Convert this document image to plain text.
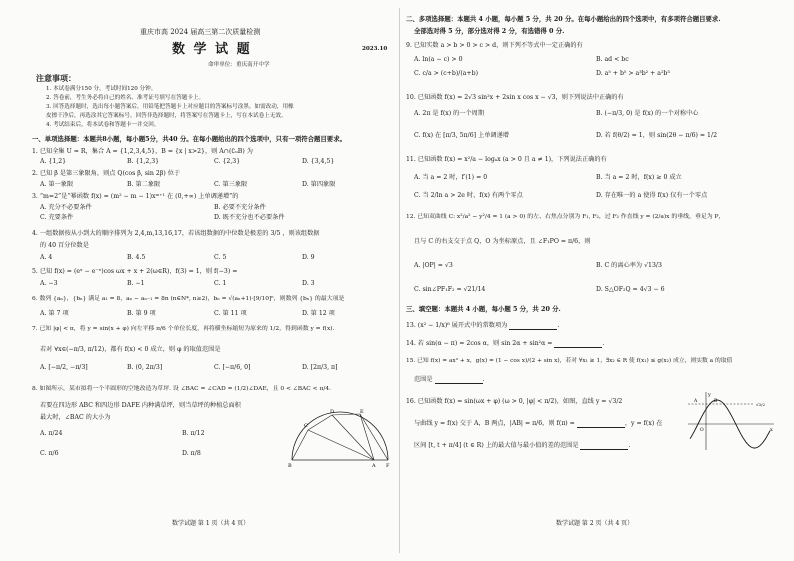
重庆市高 2024 届高三第二次质量检测
数 学 试 题	2023.10
命审单位：重庆南开中学
注意事项：
1. 本试卷满分150 分，考试时间120 分钟。
2. 答卷前，考生务必将自己的姓名、准考证号填写在答题卡上。
3. 回答选择题时，选出每小题答案后，用铅笔把答题卡上对应题目的答案标号涂黑。如需改动，用橡
皮擦干净后，再选涂其它答案标号。回答非选择题时，将答案写在答题卡上，写在本试卷上无效。
4. 考试结束后，将本试卷和答题卡一并交回。
一、单项选择题：本题共8小题，每小题5分，共40 分。在每小题给出的四个选项中，只有一项符合题目要求。
1. 已知全集 U = R，集合 A = {1,2,3,4,5}，B = {x | x>2}，则 A∩(∁ᵤB) 为
A. {1,2}	B. {1,2,3}	C. {2,3}	D. {3,4,5}
2. 已知 β 是第三象限角，则点 Q(cos β, sin 2β) 位于
A. 第一象限	B. 第二象限	C. 第三象限	D. 第四象限
3. “m=2”是“幂函数 f(x) = (m² − m − 1)xᵐ⁺¹ 在 (0,+∞) 上单调递增”的
A. 充分不必要条件	B. 必要不充分条件
C. 充要条件	D. 既不充分也不必要条件
4. 一组数据按从小到大的顺序排列为 2,4,m,13,16,17，若该组数据的中位数是极差的 3/5 ，则该组数据
的 40 百分位数是
A. 4	B. 4.5	C. 5	D. 9
5. 已知 f(x) = (eˣ − e⁻ˣ)cos ωx + x + 2(ω∈R)，f(3) = 1，则 f(−3) =
A. −3	B. −1	C. 1	D. 3
6. 数列 {aₙ}，{bₙ} 满足 a₁ = 8，aₙ − aₙ₋₁ = 8n (n∈N*, n≥2)，bₙ = √(aₙ+1)·[9/10]ⁿ，则数列 {bₙ} 的最大项是
A. 第 7 项	B. 第 9 项	C. 第 11 项	D. 第 12 项
7. 已知 |φ| < π，将 y = sin(x + φ) 向左平移 π/6 个单位长度，再将横坐标缩短为原来的 1/2，得到函数 y = f(x).
若对 ∀x∈(−π/3, π/12)，都有 f(x) < 0 成立，则 φ 的取值范围是
A. [−π/2, −π/3]	B. (0, 2π/3]	C. [−π/6, 0]	D. [2π/3, π]
8. 如图所示，某市拟将一个半圆形的空地改造为草坪. 设 ∠BAC = ∠CAD = (1/2)∠DAE，且 0 < ∠BAC < π/4.
若要在四边形 ABC 和四边形 DAFE 内种满草坪，则当草坪的种植总面积
最大时，∠BAC 的大小为
A. π/24	B. π/12
C. π/6	D. π/8
C
D
B
E
F
A
数学试题 第 1 页（共 4 页）
二、多项选择题：本题共 4 小题，每小题 5 分，共 20 分。在每小题给出的四个选项中，有多项符合题目要求.
全部选对得 5 分，部分选对得 2 分，有选错得 0 分.
9. 已知实数 a > b > 0 > c > d，则下列不等式中一定正确的有
A. ln(a − c) > 0	B. ad < bc
C. c/a > (c+b)/(a+b)	D. a⁵ + b⁵ > a³b² + a²b³
10. 已知函数 f(x) = 2√3 sin²x + 2sin x cos x − √3，则下列说法中正确的有
A. 2π 是 f(x) 的一个周期	B. (−π/3, 0) 是 f(x) 的一个对称中心
C. f(x) 在 [π/3, 5π/6] 上单调递增	D. 若 f(θ/2) = 1，则 sin(2θ − π/6) = 1/2
11. 已知函数 f(x) = x²/a − logₐx (a > 0 且 a ≠ 1)，下列说法正确的有
A. 当 a = 2 时，f′(1) = 0	B. 当 a = 2 时，f(x) ≥ 0 成立
C. 当 2/ln a > 2e 时，f(x) 有两个零点	D. 存在唯一的 a 使得 f(x) 仅有一个零点
12. 已知双曲线 C: x²/a² − y²/4 = 1 (a > 0) 的左、右焦点分别为 F₁, F₂，过 F₂ 作直线 y = (2/a)x 的垂线，垂足为 P，
且与 C 的右支交于点 Q，O 为坐标原点，且 ∠F₁PO = π/6，则
A. |OP| = √3	B. C 的离心率为 √13/3
C. sin∠PF₁F₂ = √21/14	D. S△OF₂Q = 4√3 − 6
三、填空题：本题共 4 小题，每小题 5 分，共 20 分.
13. (x² − 1/x)⁶ 展开式中的常数项为	.
14. 若 sin(α − π) = 2cos α，则 sin 2α + sin²α =	.
15. 已知 f(x) = ax² + x，g(x) = (1 − cos x)/(2 + sin x)，若对 ∀x₁ ≥ 1，∃x₂ ∈ R 使 f(x₁) ≤ g(x₂) 成立，则实数 a 的取值
范围是	.
16. 已知函数 f(x) = sin(ωx + φ) (ω > 0, |φ| < π/2)，如图，直线 y = √3/2
与曲线 y = f(x) 交于 A，B 两点，|AB| = π/6，则 f(π) =	，y = f(x) 在
区间 [t, t + π/4] (t ∈ R) 上的最大值与最小值的差的范围是	.
y
A	B
O	x
√3/2
数学试题 第 2 页（共 4 页）
